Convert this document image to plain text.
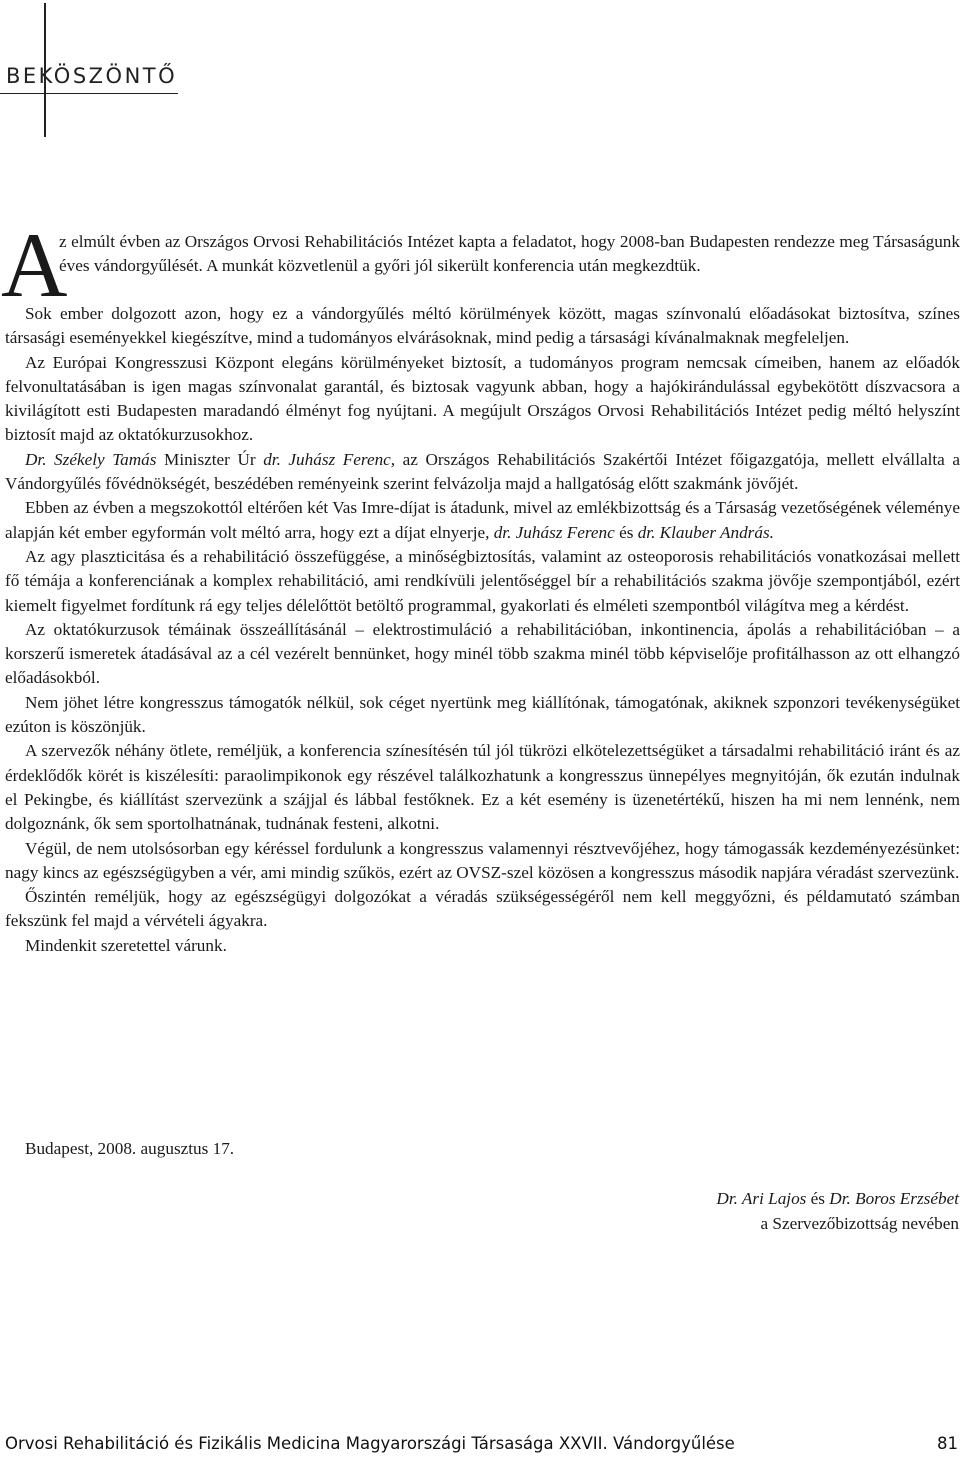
BEKÖSZÖNTŐ

A
z elmúlt évben az Országos Orvosi Rehabilitációs Intézet kapta a feladatot, hogy 2008-ban Budapesten rendezze meg Társaságunk éves vándorgyűlését. A munkát közvetlenül a győri jól sikerült konferencia után megkezdtük.

Sok ember dolgozott azon, hogy ez a vándorgyűlés méltó körülmények között, magas színvonalú előadásokat biztosítva, színes társasági eseményekkel kiegészítve, mind a tudományos elvárásoknak, mind pedig a társasági kívánalmaknak megfeleljen.

Az Európai Kongresszusi Központ elegáns körülményeket biztosít, a tudományos program nemcsak címeiben, hanem az előadók felvonultatásában is igen magas színvonalat garantál, és biztosak vagyunk abban, hogy a hajókirándulással egybekötött díszvacsora a kivilágított esti Budapesten maradandó élményt fog nyújtani. A megújult Országos Orvosi Rehabilitációs Intézet pedig méltó helyszínt biztosít majd az oktatókurzusokhoz.

Dr. Székely Tamás Miniszter Úr dr. Juhász Ferenc, az Országos Rehabilitációs Szakértői Intézet főigazgatója, mellett elvállalta a Vándorgyűlés fővédnökségét, beszédében reményeink szerint felvázolja majd a hallgatóság előtt szakmánk jövőjét.

Ebben az évben a megszokottól eltérően két Vas Imre-díjat is átadunk, mivel az emlékbizottság és a Társaság vezetőségének véleménye alapján két ember egyformán volt méltó arra, hogy ezt a díjat elnyerje, dr. Juhász Ferenc és dr. Klauber András.

Az agy plaszticitása és a rehabilitáció összefüggése, a minőségbiztosítás, valamint az osteoporosis rehabilitációs vonatkozásai mellett fő témája a konferenciának a komplex rehabilitáció, ami rendkívüli jelentőséggel bír a rehabilitációs szakma jövője szempontjából, ezért kiemelt figyelmet fordítunk rá egy teljes délelőttöt betöltő programmal, gyakorlati és elméleti szempontból világítva meg a kérdést.

Az oktatókurzusok témáinak összeállításánál – elektrostimuláció a rehabilitációban, inkontinencia, ápolás a rehabilitációban – a korszerű ismeretek átadásával az a cél vezérelt bennünket, hogy minél több szakma minél több képviselője profitálhasson az ott elhangzó előadásokból.

Nem jöhet létre kongresszus támogatók nélkül, sok céget nyertünk meg kiállítónak, támogatónak, akiknek szponzori tevékenységüket ezúton is köszönjük.

A szervezők néhány ötlete, reméljük, a konferencia színesítésén túl jól tükrözi elkötelezettségüket a társadalmi rehabilitáció iránt és az érdeklődők körét is kiszélesíti: paraolimpikonok egy részével találkozhatunk a kongresszus ünnepélyes megnyitóján, ők ezután indulnak el Pekingbe, és kiállítást szervezünk a szájjal és lábbal festőknek. Ez a két esemény is üzenetértékű, hiszen ha mi nem lennénk, nem dolgoznánk, ők sem sportolhatnának, tudnának festeni, alkotni.

Végül, de nem utolsósorban egy kéréssel fordulunk a kongresszus valamennyi résztvevőjéhez, hogy támogassák kezdeményezésünket: nagy kincs az egészségügyben a vér, ami mindig szűkös, ezért az OVSZ-szel közösen a kongresszus második napjára véradást szervezünk.

Őszintén reméljük, hogy az egészségügyi dolgozókat a véradás szükségességéről nem kell meggyőzni, és példamutató számban fekszünk fel majd a vérvételi ágyakra.

Mindenkit szeretettel várunk.

Budapest, 2008. augusztus 17.
Dr. Ari Lajos és Dr. Boros Erzsébet
a Szervezőbizottság nevében
Orvosi Rehabilitáció és Fizikális Medicina Magyarországi Társasága XXVII. Vándorgyűlése	81
